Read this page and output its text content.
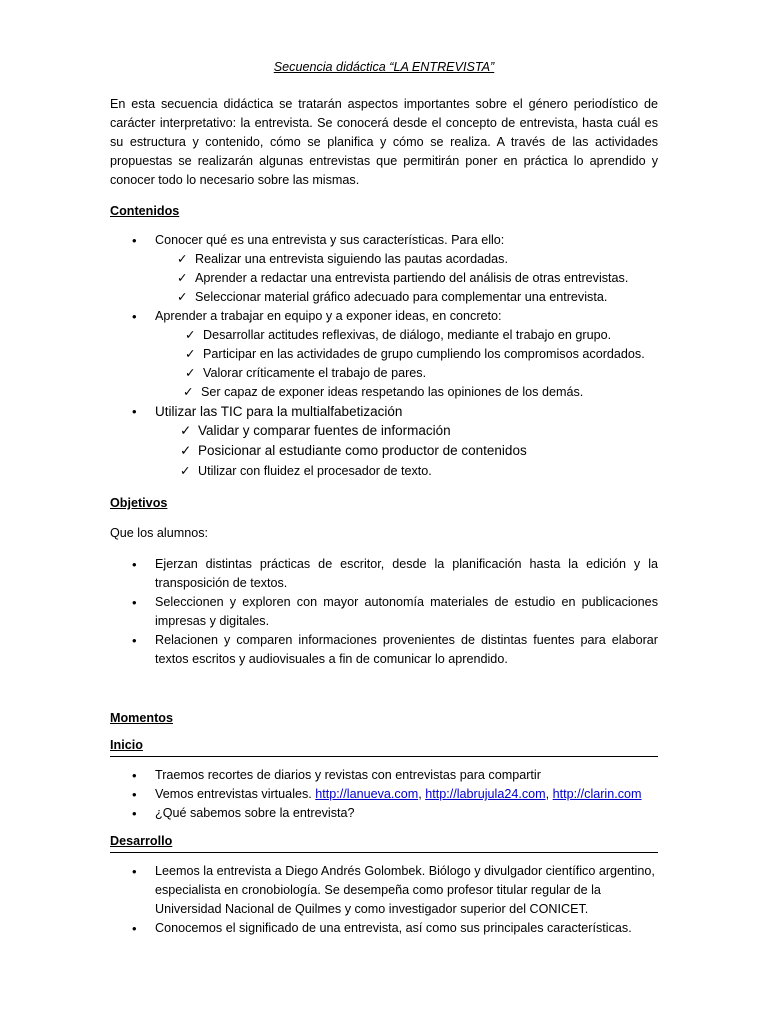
Secuencia didáctica “LA ENTREVISTA”

En esta secuencia didáctica se tratarán aspectos importantes sobre el género periodístico de carácter interpretativo: la entrevista. Se conocerá desde el concepto de entrevista, hasta cuál es su estructura y contenido, cómo se planifica y cómo se realiza. A través de las actividades propuestas se realizarán algunas entrevistas que permitirán poner en práctica lo aprendido y conocer todo lo necesario sobre las mismas.

Contenidos

• Conocer qué es una entrevista y sus características. Para ello:
✓ Realizar una entrevista siguiendo las pautas acordadas.
✓ Aprender a redactar una entrevista partiendo del análisis de otras entrevistas.
✓ Seleccionar material gráfico adecuado para complementar una entrevista.
• Aprender a trabajar en equipo y a exponer ideas, en concreto:
✓ Desarrollar actitudes reflexivas, de diálogo, mediante el trabajo en grupo.
✓ Participar en las actividades de grupo cumpliendo los compromisos acordados.
✓ Valorar críticamente el trabajo de pares.
✓ Ser capaz de exponer ideas respetando las opiniones de los demás.
• Utilizar las TIC para la multialfabetización
✓ Validar y comparar fuentes de información
✓ Posicionar al estudiante como productor de contenidos
✓ Utilizar con fluidez el procesador de texto.

Objetivos

Que los alumnos:

• Ejerzan distintas prácticas de escritor, desde la planificación hasta la edición y la transposición de textos.
• Seleccionen y exploren con mayor autonomía materiales de estudio en publicaciones impresas y digitales.
• Relacionen y comparen informaciones provenientes de distintas fuentes para elaborar textos escritos y audiovisuales a fin de comunicar lo aprendido.

Momentos

Inicio
• Traemos recortes de diarios y revistas con entrevistas para compartir
• Vemos entrevistas virtuales. http://lanueva.com, http://labrujula24.com, http://clarin.com
• ¿Qué sabemos sobre la entrevista?
Desarrollo
• Leemos la entrevista a Diego Andrés Golombek. Biólogo y divulgador científico argentino, especialista en cronobiología. Se desempeña como profesor titular regular de la Universidad Nacional de Quilmes y como investigador superior del CONICET.
• Conocemos el significado de una entrevista, así como sus principales características.
